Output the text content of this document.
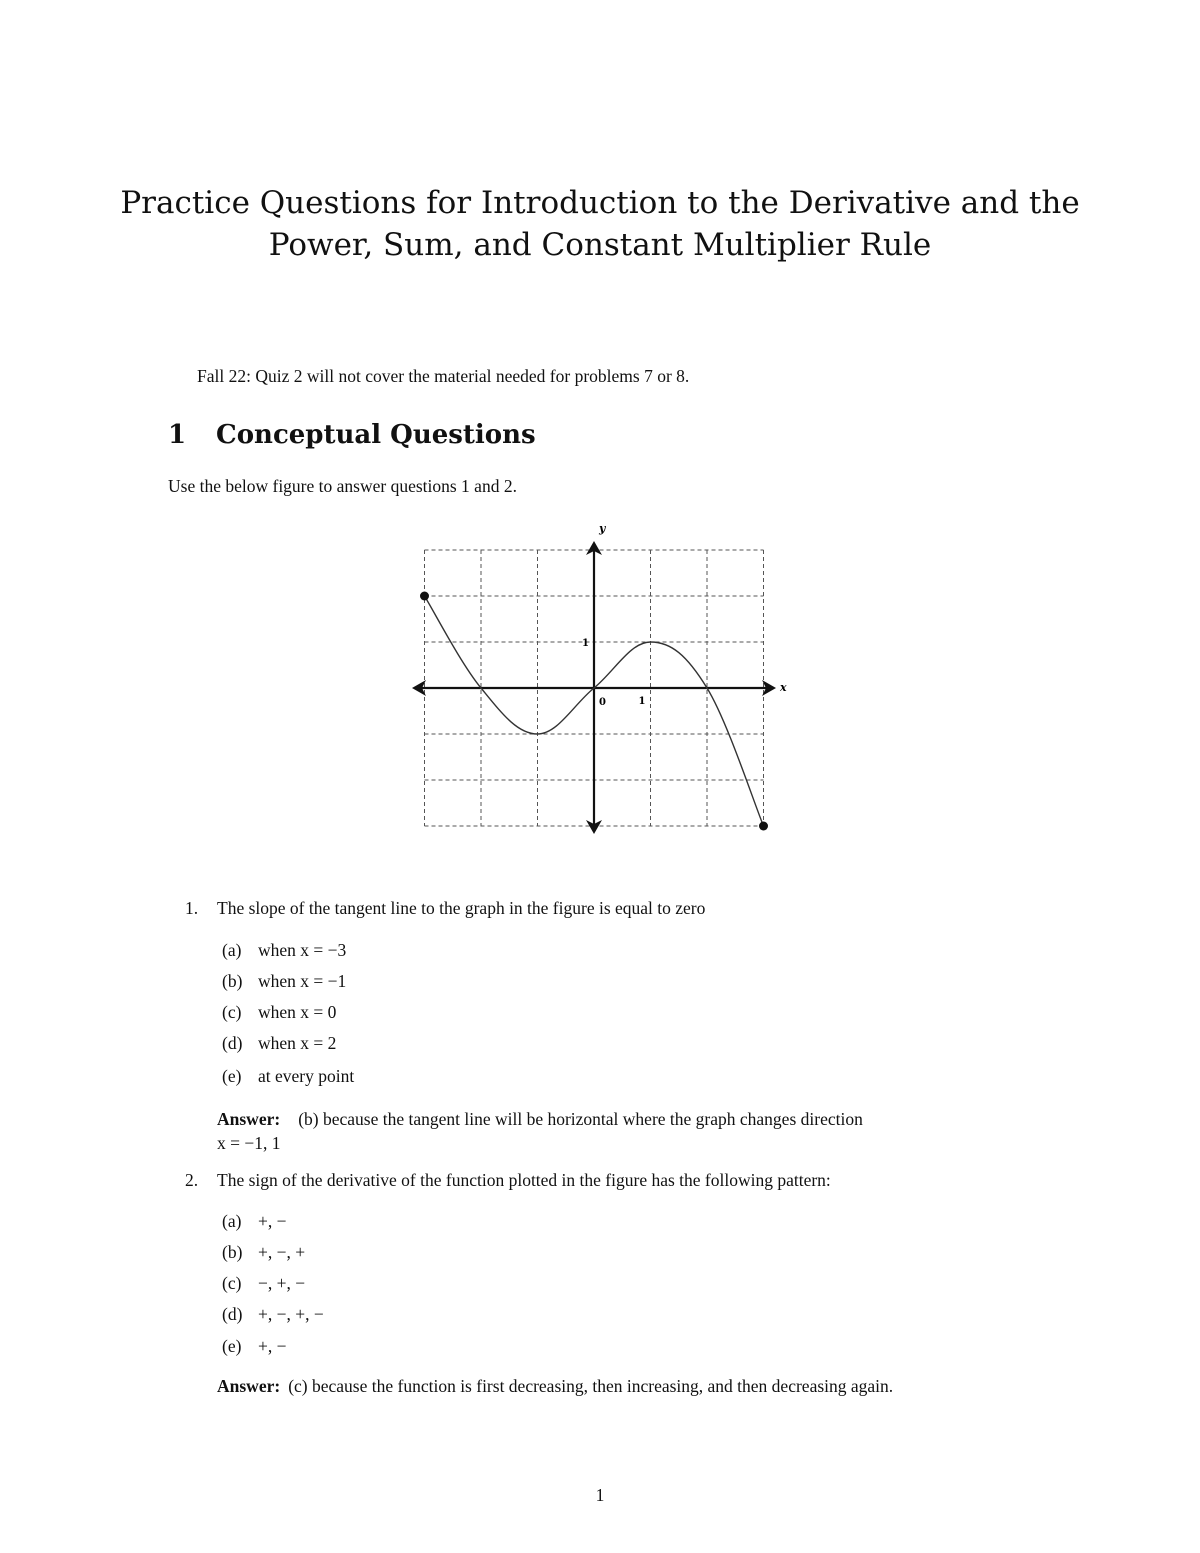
Practice Questions for Introduction to the Derivative and the
Power, Sum, and Constant Multiplier Rule
Fall 22: Quiz 2 will not cover the material needed for problems 7 or 8.
1 Conceptual Questions
Use the below figure to answer questions 1 and 2.
y
x
0	1
1
1. The slope of the tangent line to the graph in the figure is equal to zero
(a) when x = −3
(b) when x = −1
(c) when x = 0
(d) when x = 2
(e) at every point
Answer: (b) because the tangent line will be horizontal where the graph changes direction
x = −1, 1
2. The sign of the derivative of the function plotted in the figure has the following pattern:
(a) +, −
(b) +, −, +
(c) −, +, −
(d) +, −, +, −
(e) +, −
Answer: (c) because the function is first decreasing, then increasing, and then decreasing again.
1
